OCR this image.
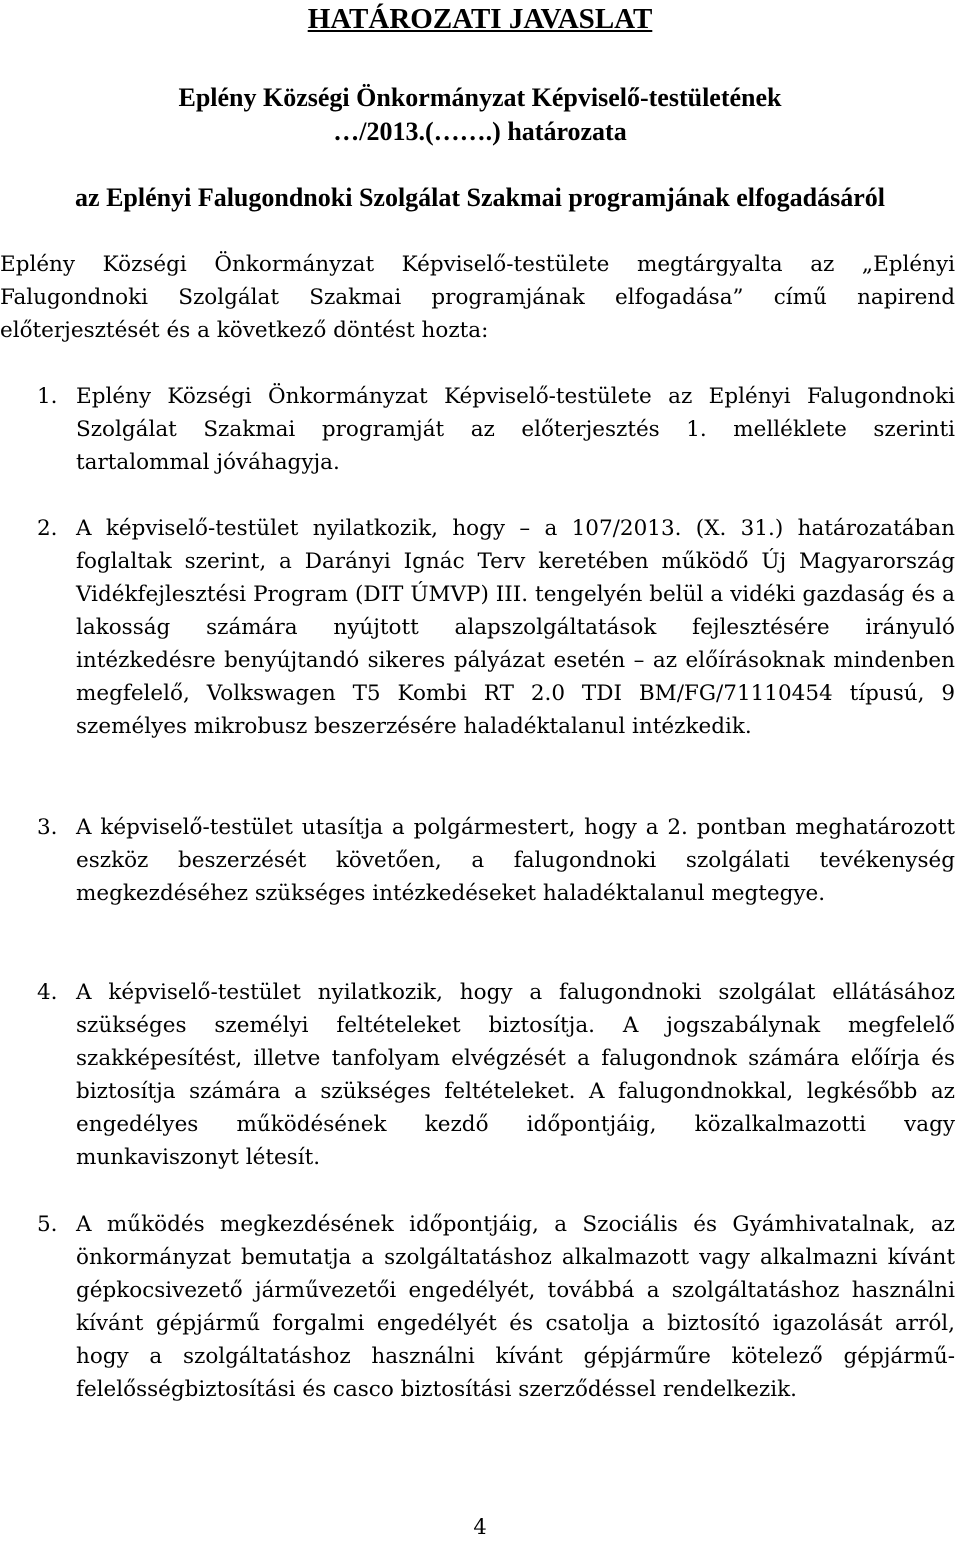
HATÁROZATI JAVASLAT

Eplény Községi Önkormányzat Képviselő-testületének

…/2013.(…….) határozata

az Eplényi Falugondnoki Szolgálat Szakmai programjának elfogadásáról

Eplény Községi Önkormányzat Képviselő-testülete megtárgyalta az „Eplényi Falugondnoki Szolgálat Szakmai programjának elfogadása” című napirend előterjesztését és a következő döntést hozta:

1. Eplény Községi Önkormányzat Képviselő-testülete az Eplényi Falugondnoki Szolgálat Szakmai programját az előterjesztés 1. melléklete szerinti tartalommal jóváhagyja.

2. A képviselő-testület nyilatkozik, hogy – a 107/2013. (X. 31.) határozatában foglaltak szerint, a Darányi Ignác Terv keretében működő Új Magyarország Vidékfejlesztési Program (DIT ÚMVP) III. tengelyén belül a vidéki gazdaság és a lakosság számára nyújtott alapszolgáltatások fejlesztésére irányuló intézkedésre benyújtandó sikeres pályázat esetén – az előírásoknak mindenben megfelelő, Volkswagen T5 Kombi RT 2.0 TDI BM/FG/71110454 típusú, 9 személyes mikrobusz beszerzésére haladéktalanul intézkedik.

3. A képviselő-testület utasítja a polgármestert, hogy a 2. pontban meghatározott eszköz beszerzését követően, a falugondnoki szolgálati tevékenység megkezdéséhez szükséges intézkedéseket haladéktalanul megtegye.

4. A képviselő-testület nyilatkozik, hogy a falugondnoki szolgálat ellátásához szükséges személyi feltételeket biztosítja. A jogszabálynak megfelelő szakképesítést, illetve tanfolyam elvégzését a falugondnok számára előírja és biztosítja számára a szükséges feltételeket. A falugondnokkal, legkésőbb az engedélyes működésének kezdő időpontjáig, közalkalmazotti vagy munkaviszonyt létesít.

5. A működés megkezdésének időpontjáig, a Szociális és Gyámhivatalnak, az önkormányzat bemutatja a szolgáltatáshoz alkalmazott vagy alkalmazni kívánt gépkocsivezető járművezetői engedélyét, továbbá a szolgáltatáshoz használni kívánt gépjármű forgalmi engedélyét és csatolja a biztosító igazolását arról, hogy a szolgáltatáshoz használni kívánt gépjárműre kötelező gépjármű-felelősségbiztosítási és casco biztosítási szerződéssel rendelkezik.

4
